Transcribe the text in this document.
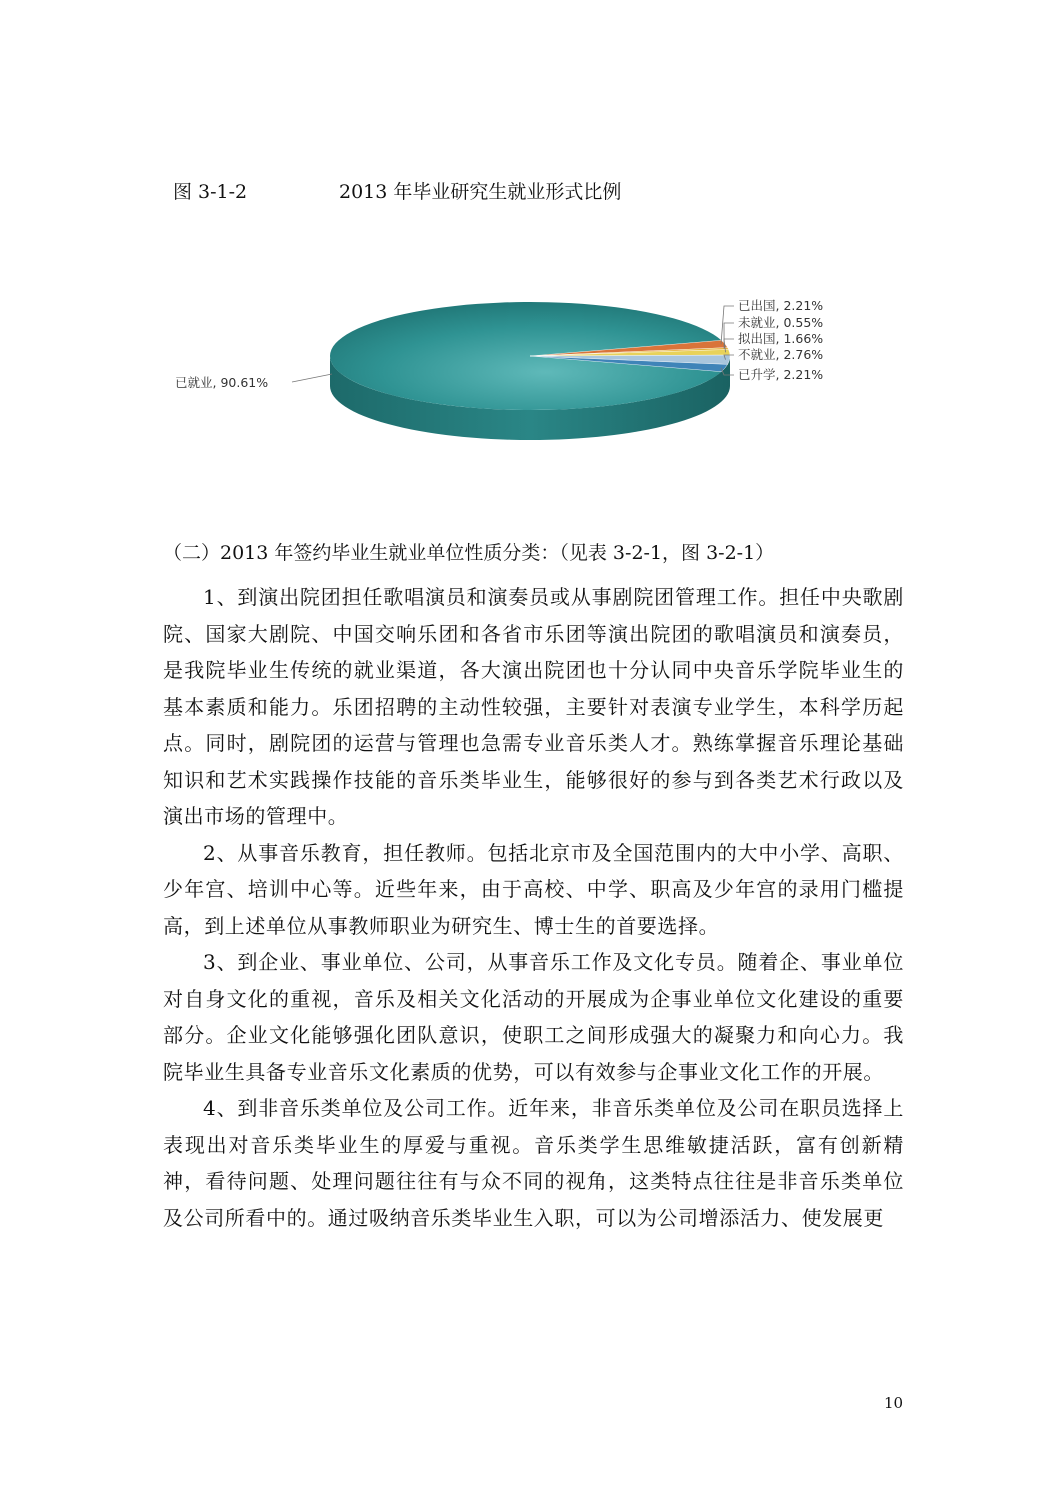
图 3-1-2	2013 年毕业研究生就业形式比例
已出国, 2.21%
未就业, 0.55%
拟出国, 1.66%
不就业, 2.76%
已升学, 2.21%
已就业, 90.61%
（二）2013 年签约毕业生就业单位性质分类：（见表 3-2-1，图 3-2-1）

1、到演出院团担任歌唱演员和演奏员或从事剧院团管理工作。担任中央歌剧院、国家大剧院、中国交响乐团和各省市乐团等演出院团的歌唱演员和演奏员，是我院毕业生传统的就业渠道，各大演出院团也十分认同中央音乐学院毕业生的基本素质和能力。乐团招聘的主动性较强，主要针对表演专业学生，本科学历起点。同时，剧院团的运营与管理也急需专业音乐类人才。熟练掌握音乐理论基础知识和艺术实践操作技能的音乐类毕业生，能够很好的参与到各类艺术行政以及演出市场的管理中。

2、从事音乐教育，担任教师。包括北京市及全国范围内的大中小学、高职、少年宫、培训中心等。近些年来，由于高校、中学、职高及少年宫的录用门槛提高，到上述单位从事教师职业为研究生、博士生的首要选择。

3、到企业、事业单位、公司，从事音乐工作及文化专员。随着企、事业单位对自身文化的重视，音乐及相关文化活动的开展成为企事业单位文化建设的重要部分。企业文化能够强化团队意识，使职工之间形成强大的凝聚力和向心力。我院毕业生具备专业音乐文化素质的优势，可以有效参与企事业文化工作的开展。

4、到非音乐类单位及公司工作。近年来，非音乐类单位及公司在职员选择上表现出对音乐类毕业生的厚爱与重视。音乐类学生思维敏捷活跃，富有创新精神，看待问题、处理问题往往有与众不同的视角，这类特点往往是非音乐类单位及公司所看中的。通过吸纳音乐类毕业生入职，可以为公司增添活力、使发展更

10
